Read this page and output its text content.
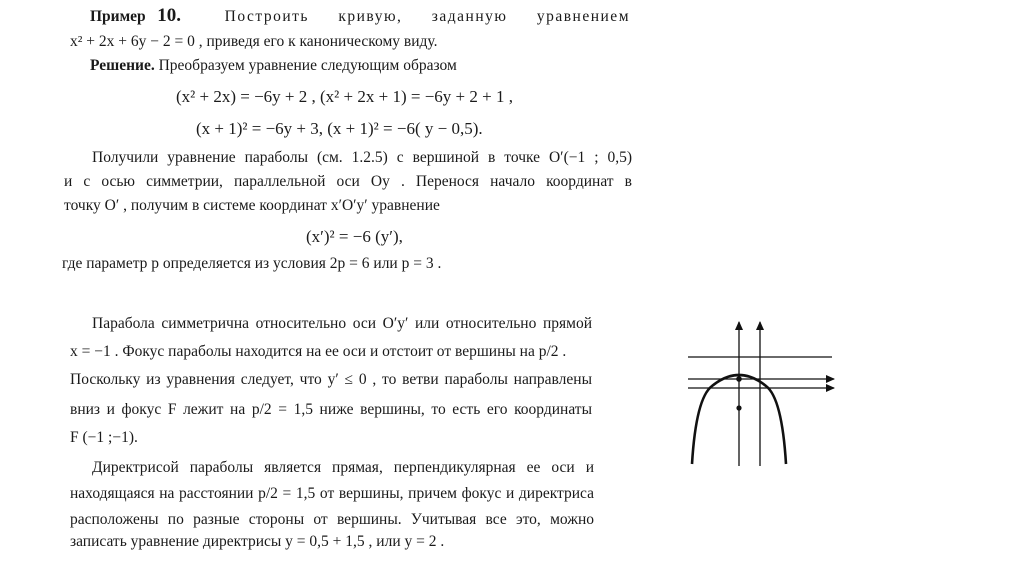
Пример 10.	Построить кривую, заданную уравнением

x² + 2x + 6y − 2 = 0 , приведя его к каноническому виду.

Решение. Преобразуем уравнение следующим образом

(x² + 2x) = −6y + 2 , (x² + 2x + 1) = −6y + 2 + 1 ,

(x + 1)² = −6y + 3, (x + 1)² = −6( y − 0,5).

Получили уравнение параболы (см. 1.2.5) с вершиной в точке O′(−1 ; 0,5)

и с осью симметрии, параллельной оси Oy . Перенося начало координат в

точку O′ , получим в системе координат x′O′y′ уравнение

(x′)² = −6 (y′),

где параметр p определяется из условия 2p = 6 или p = 3 .

Парабола симметрична относительно оси O′y′ или относительно прямой

x = −1 . Фокус параболы находится на ее оси и отстоит от вершины на p/2 .

Поскольку из уравнения следует, что y′ ≤ 0 , то ветви параболы направлены

вниз и фокус F лежит на p/2 = 1,5 ниже вершины, то есть его координаты

F (−1 ;−1).

Директрисой параболы является прямая, перпендикулярная ее оси и

находящаяся на расстоянии p/2 = 1,5 от вершины, причем фокус и директриса

расположены по разные стороны от вершины. Учитывая все это, можно

записать уравнение директрисы y = 0,5 + 1,5 , или y = 2 .
